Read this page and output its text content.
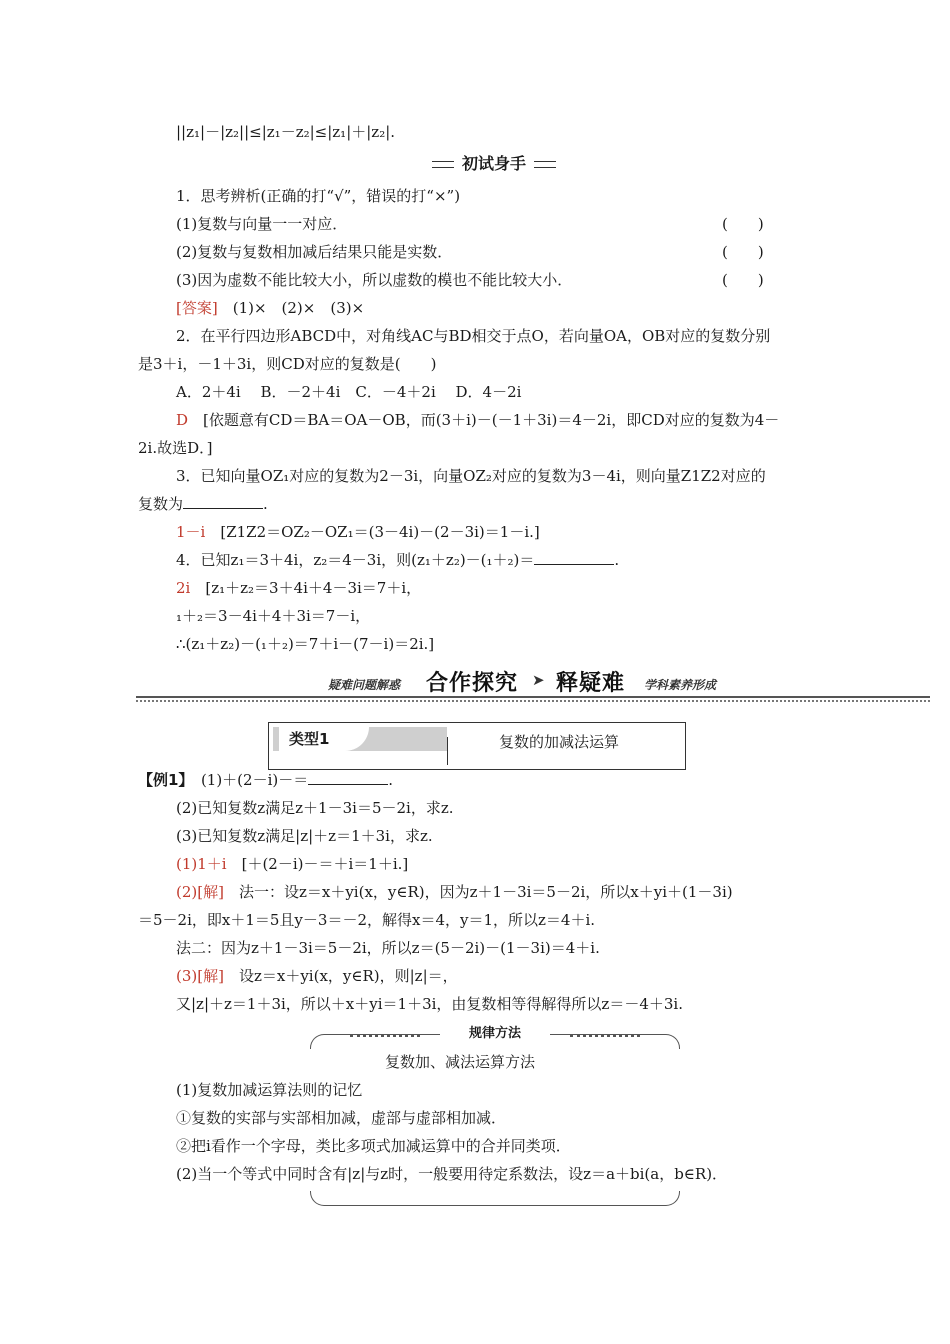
||z₁|－|z₂||≤|z₁－z₂|≤|z₁|＋|z₂|.
初试身手
1．思考辨析(正确的打“√”，错误的打“×”)
(1)复数与向量一一对应．	(　　)
(2)复数与复数相加减后结果只能是实数．	(　　)
(3)因为虚数不能比较大小，所以虚数的模也不能比较大小．	(　　)
[答案]　(1)×　(2)×　(3)×
2．在平行四边形ABCD中，对角线AC与BD相交于点O，若向量OA，OB对应的复数分别
是3＋i，－1＋3i，则CD对应的复数是(　　)
A．2＋4i　 B．－2＋4i　C．－4＋2i　 D．4－2i
D　[依题意有CD＝BA＝OA－OB，而(3＋i)－(－1＋3i)＝4－2i，即CD对应的复数为4－
2i.故选D．]
3．已知向量OZ₁对应的复数为2－3i，向量OZ₂对应的复数为3－4i，则向量Z1Z2对应的
复数为	.
1－i　[Z1Z2＝OZ₂－OZ₁＝(3－4i)－(2－3i)＝1－i.]
4．已知z₁＝3＋4i，z₂＝4－3i，则(z₁＋z₂)－(₁＋₂)＝	.
2i　[z₁＋z₂＝3＋4i＋4－3i＝7＋i，
₁＋₂＝3－4i＋4＋3i＝7－i，
∴(z₁＋z₂)－(₁＋₂)＝7＋i－(7－i)＝2i.]
疑难问题解惑 合作探究 ➤ 释疑难 学科素养形成
类型1	复数的加减法运算
【例1】　(1)＋(2－i)－＝	.
(2)已知复数z满足z＋1－3i＝5－2i，求z.
(3)已知复数z满足|z|＋z＝1＋3i，求z.
(1)1＋i　[＋(2－i)－＝＋i＝1＋i.]
(2)[解]　法一：设z＝x＋yi(x，y∈R)，因为z＋1－3i＝5－2i，所以x＋yi＋(1－3i)
＝5－2i，即x＋1＝5且y－3＝－2，解得x＝4，y＝1，所以z＝4＋i.
法二：因为z＋1－3i＝5－2i，所以z＝(5－2i)－(1－3i)＝4＋i.
(3)[解]　设z＝x＋yi(x，y∈R)，则|z|＝，
又|z|＋z＝1＋3i，所以＋x＋yi＝1＋3i，由复数相等得解得所以z＝－4＋3i.
规律方法
复数加、减法运算方法
(1)复数加减运算法则的记忆
①复数的实部与实部相加减，虚部与虚部相加减．
②把i看作一个字母，类比多项式加减运算中的合并同类项．
(2)当一个等式中同时含有|z|与z时，一般要用待定系数法，设z＝a＋bi(a，b∈R)．
